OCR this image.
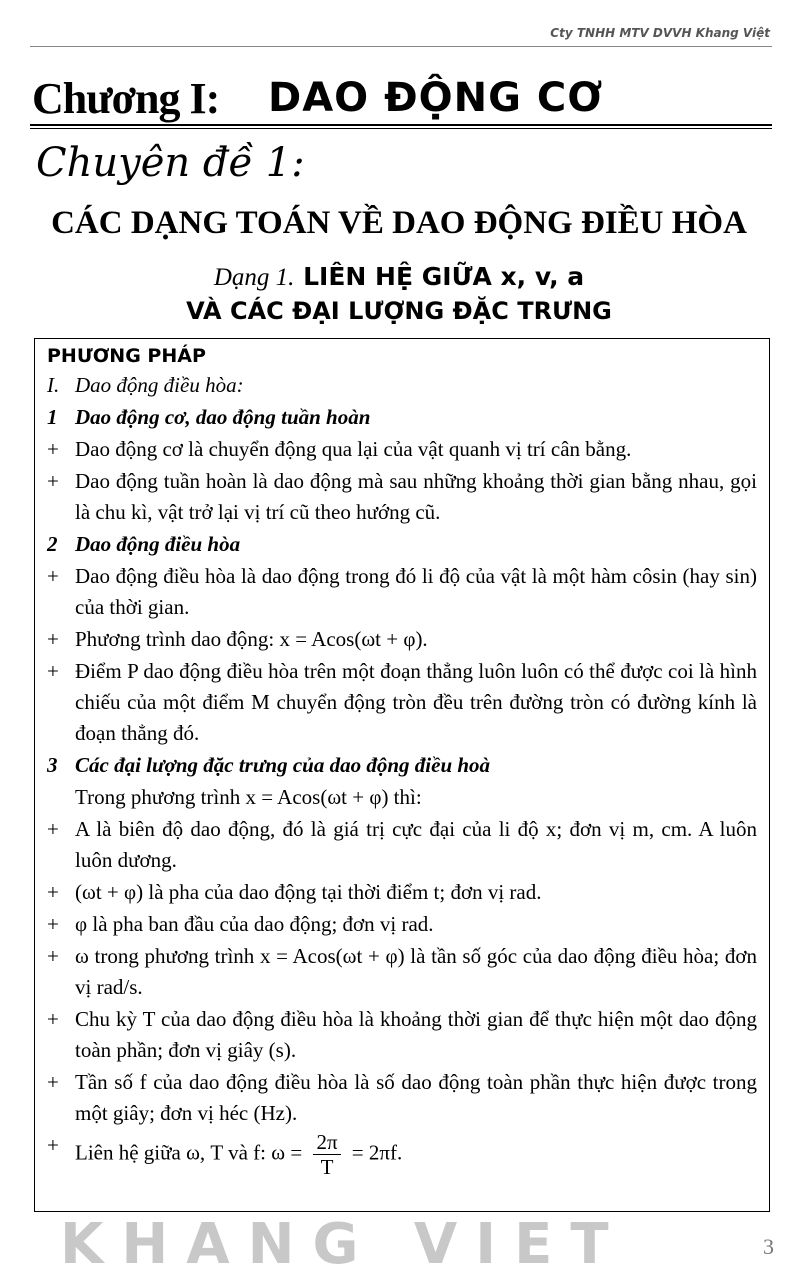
Cty TNHH MTV DVVH Khang Việt
Chương I:	DAO ĐỘNG CƠ
Chuyên đề 1:
CÁC DẠNG TOÁN VỀ DAO ĐỘNG ĐIỀU HÒA
Dạng 1. LIÊN HỆ GIỮA x, v, a
VÀ CÁC ĐẠI LƯỢNG ĐẶC TRƯNG
PHƯƠNG PHÁP
I. Dao động điều hòa:
1 Dao động cơ, dao động tuần hoàn
+ Dao động cơ là chuyển động qua lại của vật quanh vị trí cân bằng.
+ Dao động tuần hoàn là dao động mà sau những khoảng thời gian bằng nhau, gọi là chu kì, vật trở lại vị trí cũ theo hướng cũ.
2 Dao động điều hòa
+ Dao động điều hòa là dao động trong đó li độ của vật là một hàm côsin (hay sin) của thời gian.
+ Phương trình dao động: x = Acos(ωt + φ).
+ Điểm P dao động điều hòa trên một đoạn thẳng luôn luôn có thể được coi là hình chiếu của một điểm M chuyển động tròn đều trên đường tròn có đường kính là đoạn thẳng đó.
3 Các đại lượng đặc trưng của dao động điều hoà
Trong phương trình x = Acos(ωt + φ) thì:
+ A là biên độ dao động, đó là giá trị cực đại của li độ x; đơn vị m, cm. A luôn luôn dương.
+ (ωt + φ) là pha của dao động tại thời điểm t; đơn vị rad.
+ φ là pha ban đầu của dao động; đơn vị rad.
+ ω trong phương trình x = Acos(ωt + φ) là tần số góc của dao động điều hòa; đơn vị rad/s.
+ Chu kỳ T của dao động điều hòa là khoảng thời gian để thực hiện một dao động toàn phần; đơn vị giây (s).
+ Tần số f của dao động điều hòa là số dao động toàn phần thực hiện được trong một giây; đơn vị héc (Hz).
+ Liên hệ giữa ω, T và f: $\omega = \frac{2\pi}{T} = 2\pi f$.
KHANG VIET	3
